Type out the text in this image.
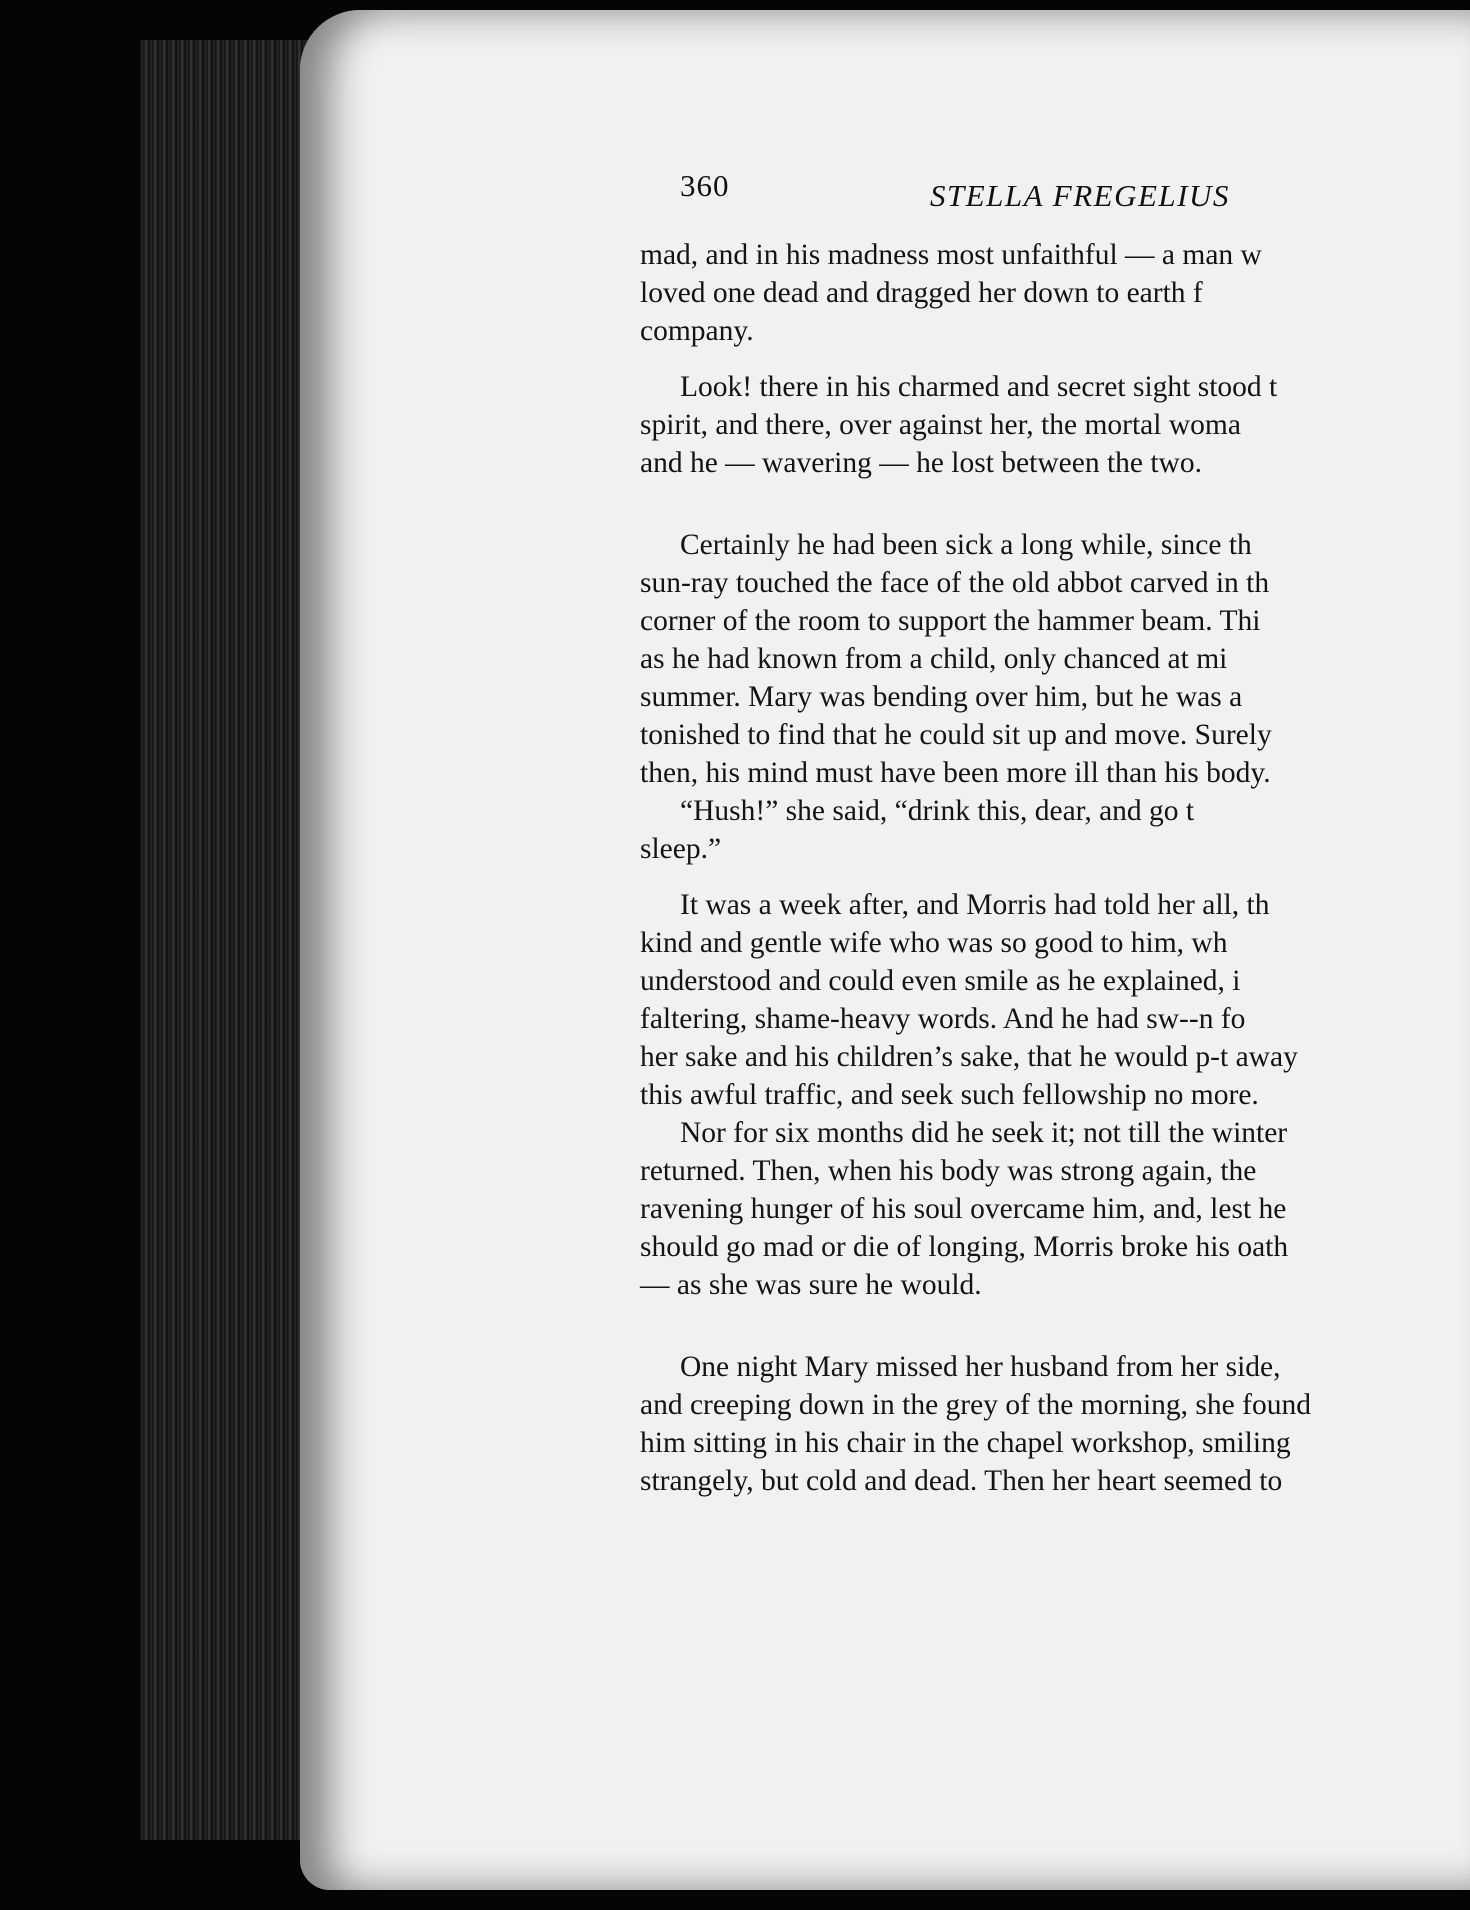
360	STELLA FREGELIUS

mad, and in his madness most unfaithful — a man w

loved one dead and dragged her down to earth f

company.

Look! there in his charmed and secret sight stood t

spirit, and there, over against her, the mortal woma

and he — wavering — he lost between the two.

Certainly he had been sick a long while, since th

sun-ray touched the face of the old abbot carved in th

corner of the room to support the hammer beam. Thi

as he had known from a child, only chanced at mi

summer. Mary was bending over him, but he was a

tonished to find that he could sit up and move. Surely

then, his mind must have been more ill than his body.

“Hush!” she said, “drink this, dear, and go t

sleep.”

It was a week after, and Morris had told her all, th

kind and gentle wife who was so good to him, wh

understood and could even smile as he explained, i

faltering, shame-heavy words. And he had sw‑‑n fo

her sake and his children’s sake, that he would p‑t away

this awful traffic, and seek such fellowship no more.

Nor for six months did he seek it; not till the winter

returned. Then, when his body was strong again, the

ravening hunger of his soul overcame him, and, lest he

should go mad or die of longing, Morris broke his oath

— as she was sure he would.

One night Mary missed her husband from her side,

and creeping down in the grey of the morning, she found

him sitting in his chair in the chapel workshop, smiling

strangely, but cold and dead. Then her heart seemed to
